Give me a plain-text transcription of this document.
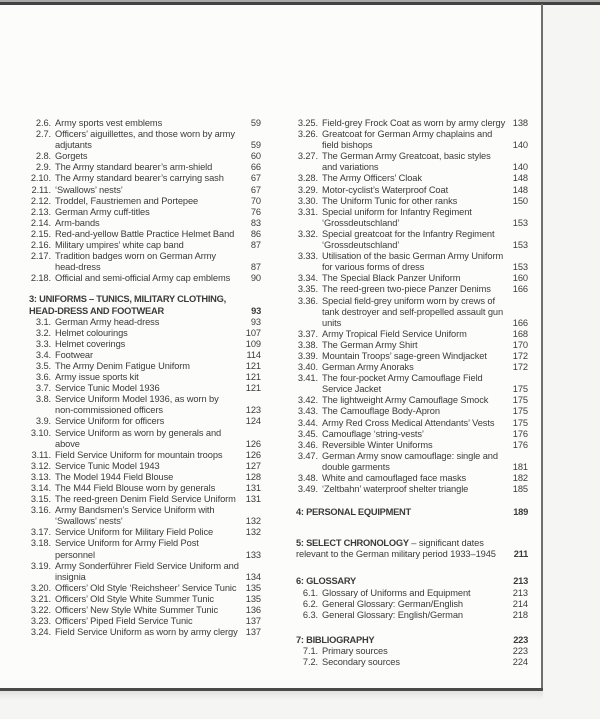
2.6. Army sports vest emblems	59
2.7. Officers’ aiguillettes, and those worn by army adjutants	59
2.8. Gorgets	60
2.9. The Army standard bearer’s arm-shield	66
2.10. The Army standard bearer’s carrying sash	67
2.11. ‘Swallows’ nests’	67
2.12. Troddel, Faustriemen and Portepee	70
2.13. German Army cuff-titles	76
2.14. Arm-bands	83
2.15. Red-and-yellow Battle Practice Helmet Band	86
2.16. Military umpires’ white cap band	87
2.17. Tradition badges worn on German Army head-dress	87
2.18. Official and semi-official Army cap emblems	90
3: UNIFORMS – TUNICS, MILITARY CLOTHING, HEAD-DRESS AND FOOTWEAR	93
3.1. German Army head-dress	93
3.2. Helmet colourings	107
3.3. Helmet coverings	109
3.4. Footwear	114
3.5. The Army Denim Fatigue Uniform	121
3.6. Army issue sports kit	121
3.7. Service Tunic Model 1936	121
3.8. Service Uniform Model 1936, as worn by non-commissioned officers	123
3.9. Service Uniform for officers	124
3.10. Service Uniform as worn by generals and above	126
3.11. Field Service Uniform for mountain troops	126
3.12. Service Tunic Model 1943	127
3.13. The Model 1944 Field Blouse	128
3.14. The M44 Field Blouse worn by generals	131
3.15. The reed-green Denim Field Service Uniform	131
3.16. Army Bandsmen’s Service Uniform with ‘Swallows’ nests’	132
3.17. Service Uniform for Military Field Police	132
3.18. Service Uniform for Army Field Post personnel	133
3.19. Army Sonderführer Field Service Uniform and insignia	134
3.20. Officers’ Old Style ‘Reichsheer’ Service Tunic 135
3.21. Officers’ Old Style White Summer Tunic	135
3.22. Officers’ New Style White Summer Tunic	136
3.23. Officers’ Piped Field Service Tunic	137
3.24. Field Service Uniform as worn by army clergy 137
3.25. Field-grey Frock Coat as worn by army clergy 138
3.26. Greatcoat for German Army chaplains and field bishops	140
3.27. The German Army Greatcoat, basic styles and variations	140
3.28. The Army Officers’ Cloak	148
3.29. Motor-cyclist’s Waterproof Coat	148
3.30. The Uniform Tunic for other ranks	150
3.31. Special uniform for Infantry Regiment ‘Grossdeutschland’	153
3.32. Special greatcoat for the Infantry Regiment ‘Grossdeutschland’	153
3.33. Utilisation of the basic German Army Uniform for various forms of dress	153
3.34. The Special Black Panzer Uniform	160
3.35. The reed-green two-piece Panzer Denims	166
3.36. Special field-grey uniform worn by crews of tank destroyer and self-propelled assault gun units	166
3.37. Army Tropical Field Service Uniform	168
3.38. The German Army Shirt	170
3.39. Mountain Troops’ sage-green Windjacket	172
3.40. German Army Anoraks	172
3.41. The four-pocket Army Camouflage Field Service Jacket	175
3.42. The lightweight Army Camouflage Smock	175
3.43. The Camouflage Body-Apron	175
3.44. Army Red Cross Medical Attendants’ Vests	175
3.45. Camouflage ‘string-vests’	176
3.46. Reversible Winter Uniforms	176
3.47. German Army snow camouflage: single and double garments	181
3.48. White and camouflaged face masks	182
3.49. ‘Zeltbahn’ waterproof shelter triangle	185
4: PERSONAL EQUIPMENT	189
5: SELECT CHRONOLOGY – significant dates relevant to the German military period 1933–1945	211
6: GLOSSARY	213
6.1. Glossary of Uniforms and Equipment	213
6.2. General Glossary: German/English	214
6.3. General Glossary: English/German	218
7: BIBLIOGRAPHY	223
7.1. Primary sources	223
7.2. Secondary sources	224
